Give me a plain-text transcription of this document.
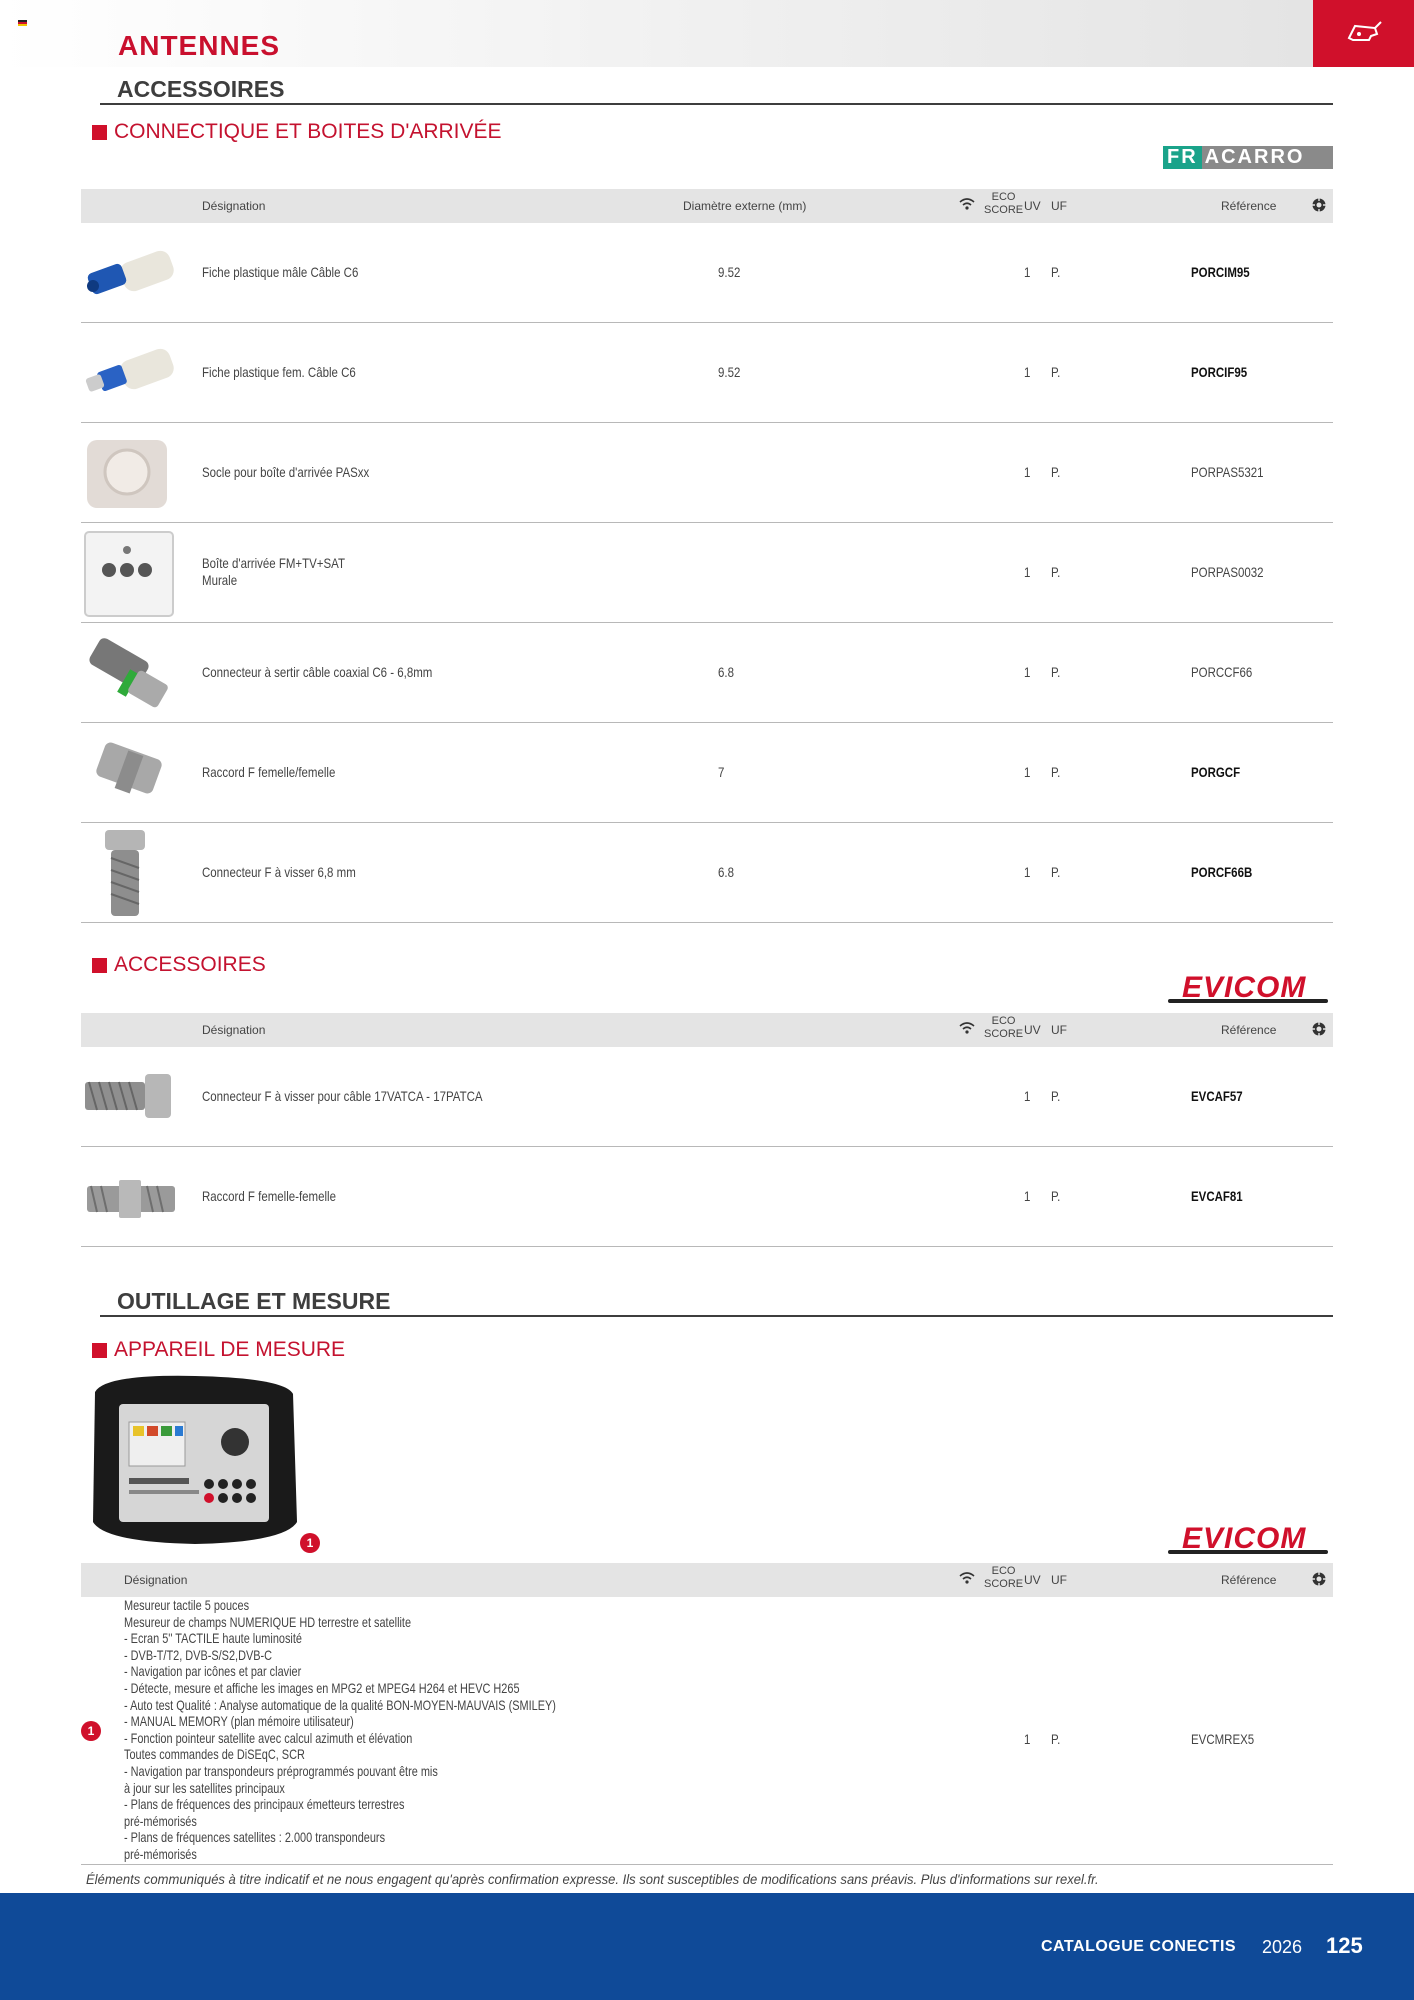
ANTENNES
ACCESSOIRES
CONNECTIQUE ET BOITES D'ARRIVÉE
FR ACARRO
Désignation	Diamètre externe (mm)
ECO
SCORE UV UF	Référence
Fiche plastique mâle Câble C6	9.52	1 P.	PORCIM95
Fiche plastique fem. Câble C6	9.52	1 P.	PORCIF95
Socle pour boîte d'arrivée PASxx	1 P.	PORPAS5321
Boîte d'arrivée FM+TV+SAT
Murale	1 P.	PORPAS0032
Connecteur à sertir câble coaxial C6 - 6,8mm	6.8	1 P.	PORCCF66
Raccord F femelle/femelle	7	1 P.	PORGCF
Connecteur F à visser 6,8 mm	6.8	1 P.	PORCF66B
ACCESSOIRES
EVICOM
Désignation
ECO
SCORE UV UF	Référence
Connecteur F à visser pour câble 17VATCA - 17PATCA	1 P.	EVCAF57
Raccord F femelle-femelle	1 P.	EVCAF81
OUTILLAGE ET MESURE
APPAREIL DE MESURE
1	EVICOM
Désignation
ECO
SCORE UV UF	Référence
1
Mesureur tactile 5 pouces
Mesureur de champs NUMERIQUE HD terrestre et satellite
- Ecran 5'' TACTILE haute luminosité
- DVB-T/T2, DVB-S/S2,DVB-C
- Navigation par icônes et par clavier
- Détecte, mesure et affiche les images en MPG2 et MPEG4 H264 et HEVC H265
- Auto test Qualité : Analyse automatique de la qualité BON-MOYEN-MAUVAIS (SMILEY)
- MANUAL MEMORY (plan mémoire utilisateur)
- Fonction pointeur satellite avec calcul azimuth et élévation
Toutes commandes de DiSEqC, SCR
- Navigation par transpondeurs préprogrammés pouvant être mis
à jour sur les satellites principaux
- Plans de fréquences des principaux émetteurs terrestres
pré-mémorisés
- Plans de fréquences satellites : 2.000 transpondeurs
pré-mémorisés
1 P.	EVCMREX5
Éléments communiqués à titre indicatif et ne nous engagent qu'après confirmation expresse. Ils sont susceptibles de modifications sans préavis. Plus d'informations sur rexel.fr.
CATALOGUE CONECTIS 2026 125
